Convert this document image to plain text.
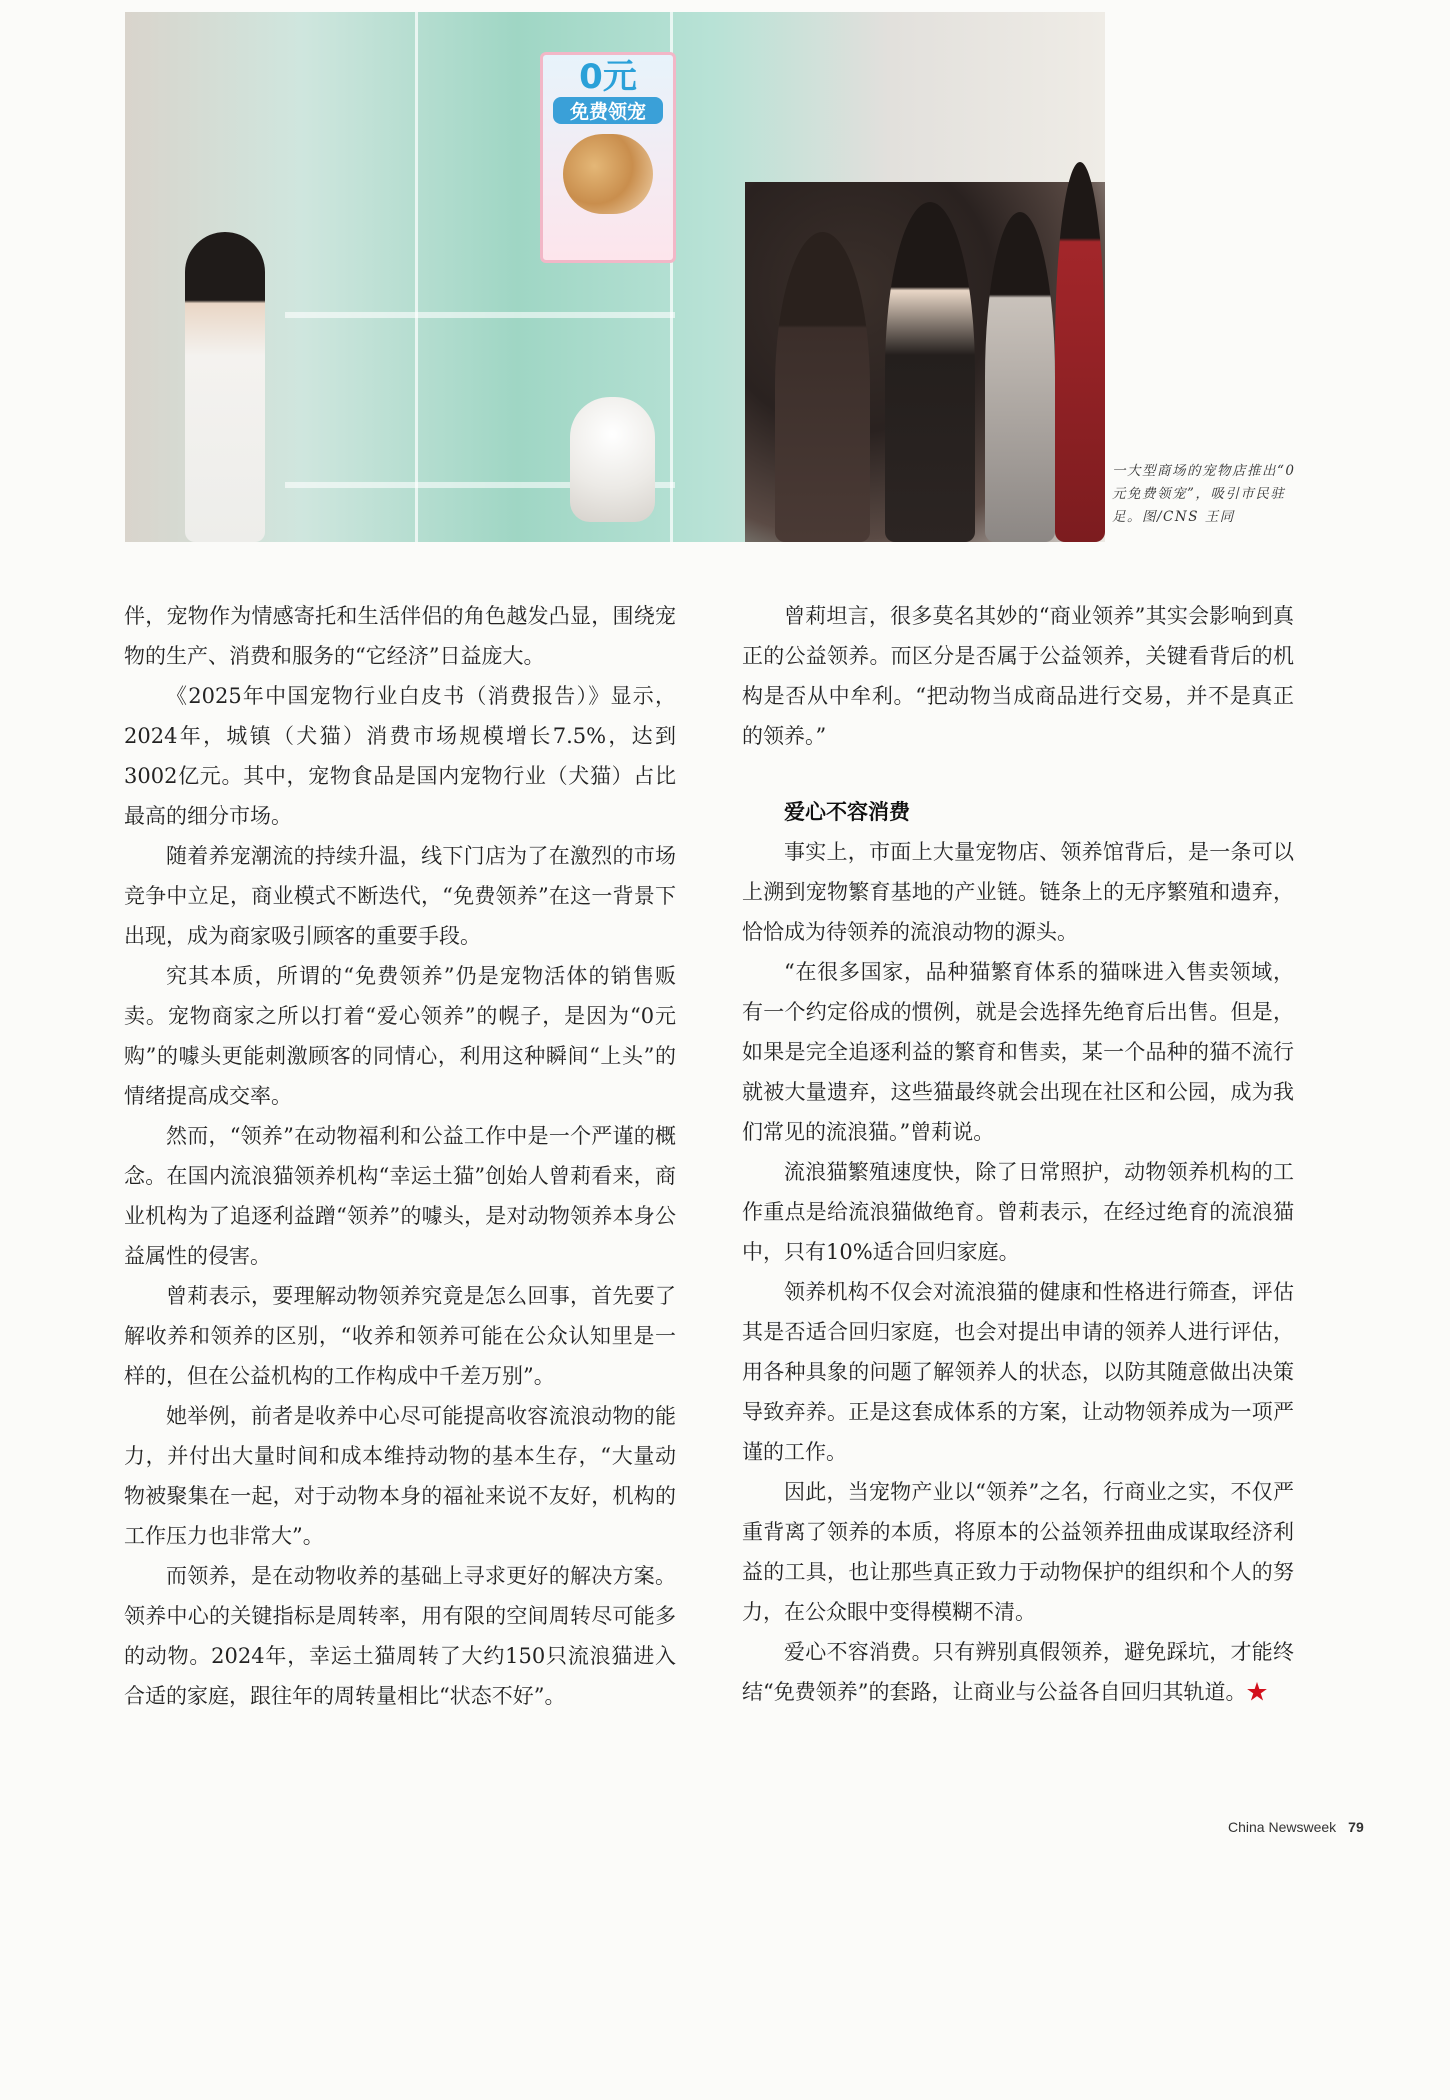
0元
免费领宠

一大型商场的宠物店推出“0元免费领宠”，吸引市民驻足。图/CNS 王同

伴，宠物作为情感寄托和生活伴侣的角色越发凸显，围绕宠物的生产、消费和服务的“它经济”日益庞大。

《2025年中国宠物行业白皮书（消费报告）》显示，2024年，城镇（犬猫）消费市场规模增长7.5%，达到3002亿元。其中，宠物食品是国内宠物行业（犬猫）占比最高的细分市场。

随着养宠潮流的持续升温，线下门店为了在激烈的市场竞争中立足，商业模式不断迭代，“免费领养”在这一背景下出现，成为商家吸引顾客的重要手段。

究其本质，所谓的“免费领养”仍是宠物活体的销售贩卖。宠物商家之所以打着“爱心领养”的幌子，是因为“0元购”的噱头更能刺激顾客的同情心，利用这种瞬间“上头”的情绪提高成交率。

然而，“领养”在动物福利和公益工作中是一个严谨的概念。在国内流浪猫领养机构“幸运土猫”创始人曾莉看来，商业机构为了追逐利益蹭“领养”的噱头，是对动物领养本身公益属性的侵害。

曾莉表示，要理解动物领养究竟是怎么回事，首先要了解收养和领养的区别，“收养和领养可能在公众认知里是一样的，但在公益机构的工作构成中千差万别”。

她举例，前者是收养中心尽可能提高收容流浪动物的能力，并付出大量时间和成本维持动物的基本生存，“大量动物被聚集在一起，对于动物本身的福祉来说不友好，机构的工作压力也非常大”。

而领养，是在动物收养的基础上寻求更好的解决方案。领养中心的关键指标是周转率，用有限的空间周转尽可能多的动物。2024年，幸运土猫周转了大约150只流浪猫进入合适的家庭，跟往年的周转量相比“状态不好”。

曾莉坦言，很多莫名其妙的“商业领养”其实会影响到真正的公益领养。而区分是否属于公益领养，关键看背后的机构是否从中牟利。“把动物当成商品进行交易，并不是真正的领养。”

爱心不容消费

事实上，市面上大量宠物店、领养馆背后，是一条可以上溯到宠物繁育基地的产业链。链条上的无序繁殖和遗弃，恰恰成为待领养的流浪动物的源头。

“在很多国家，品种猫繁育体系的猫咪进入售卖领域，有一个约定俗成的惯例，就是会选择先绝育后出售。但是，如果是完全追逐利益的繁育和售卖，某一个品种的猫不流行就被大量遗弃，这些猫最终就会出现在社区和公园，成为我们常见的流浪猫。”曾莉说。

流浪猫繁殖速度快，除了日常照护，动物领养机构的工作重点是给流浪猫做绝育。曾莉表示，在经过绝育的流浪猫中，只有10%适合回归家庭。

领养机构不仅会对流浪猫的健康和性格进行筛查，评估其是否适合回归家庭，也会对提出申请的领养人进行评估，用各种具象的问题了解领养人的状态，以防其随意做出决策导致弃养。正是这套成体系的方案，让动物领养成为一项严谨的工作。

因此，当宠物产业以“领养”之名，行商业之实，不仅严重背离了领养的本质，将原本的公益领养扭曲成谋取经济利益的工具，也让那些真正致力于动物保护的组织和个人的努力，在公众眼中变得模糊不清。

爱心不容消费。只有辨别真假领养，避免踩坑，才能终结“免费领养”的套路，让商业与公益各自回归其轨道。★

China Newsweek 79
